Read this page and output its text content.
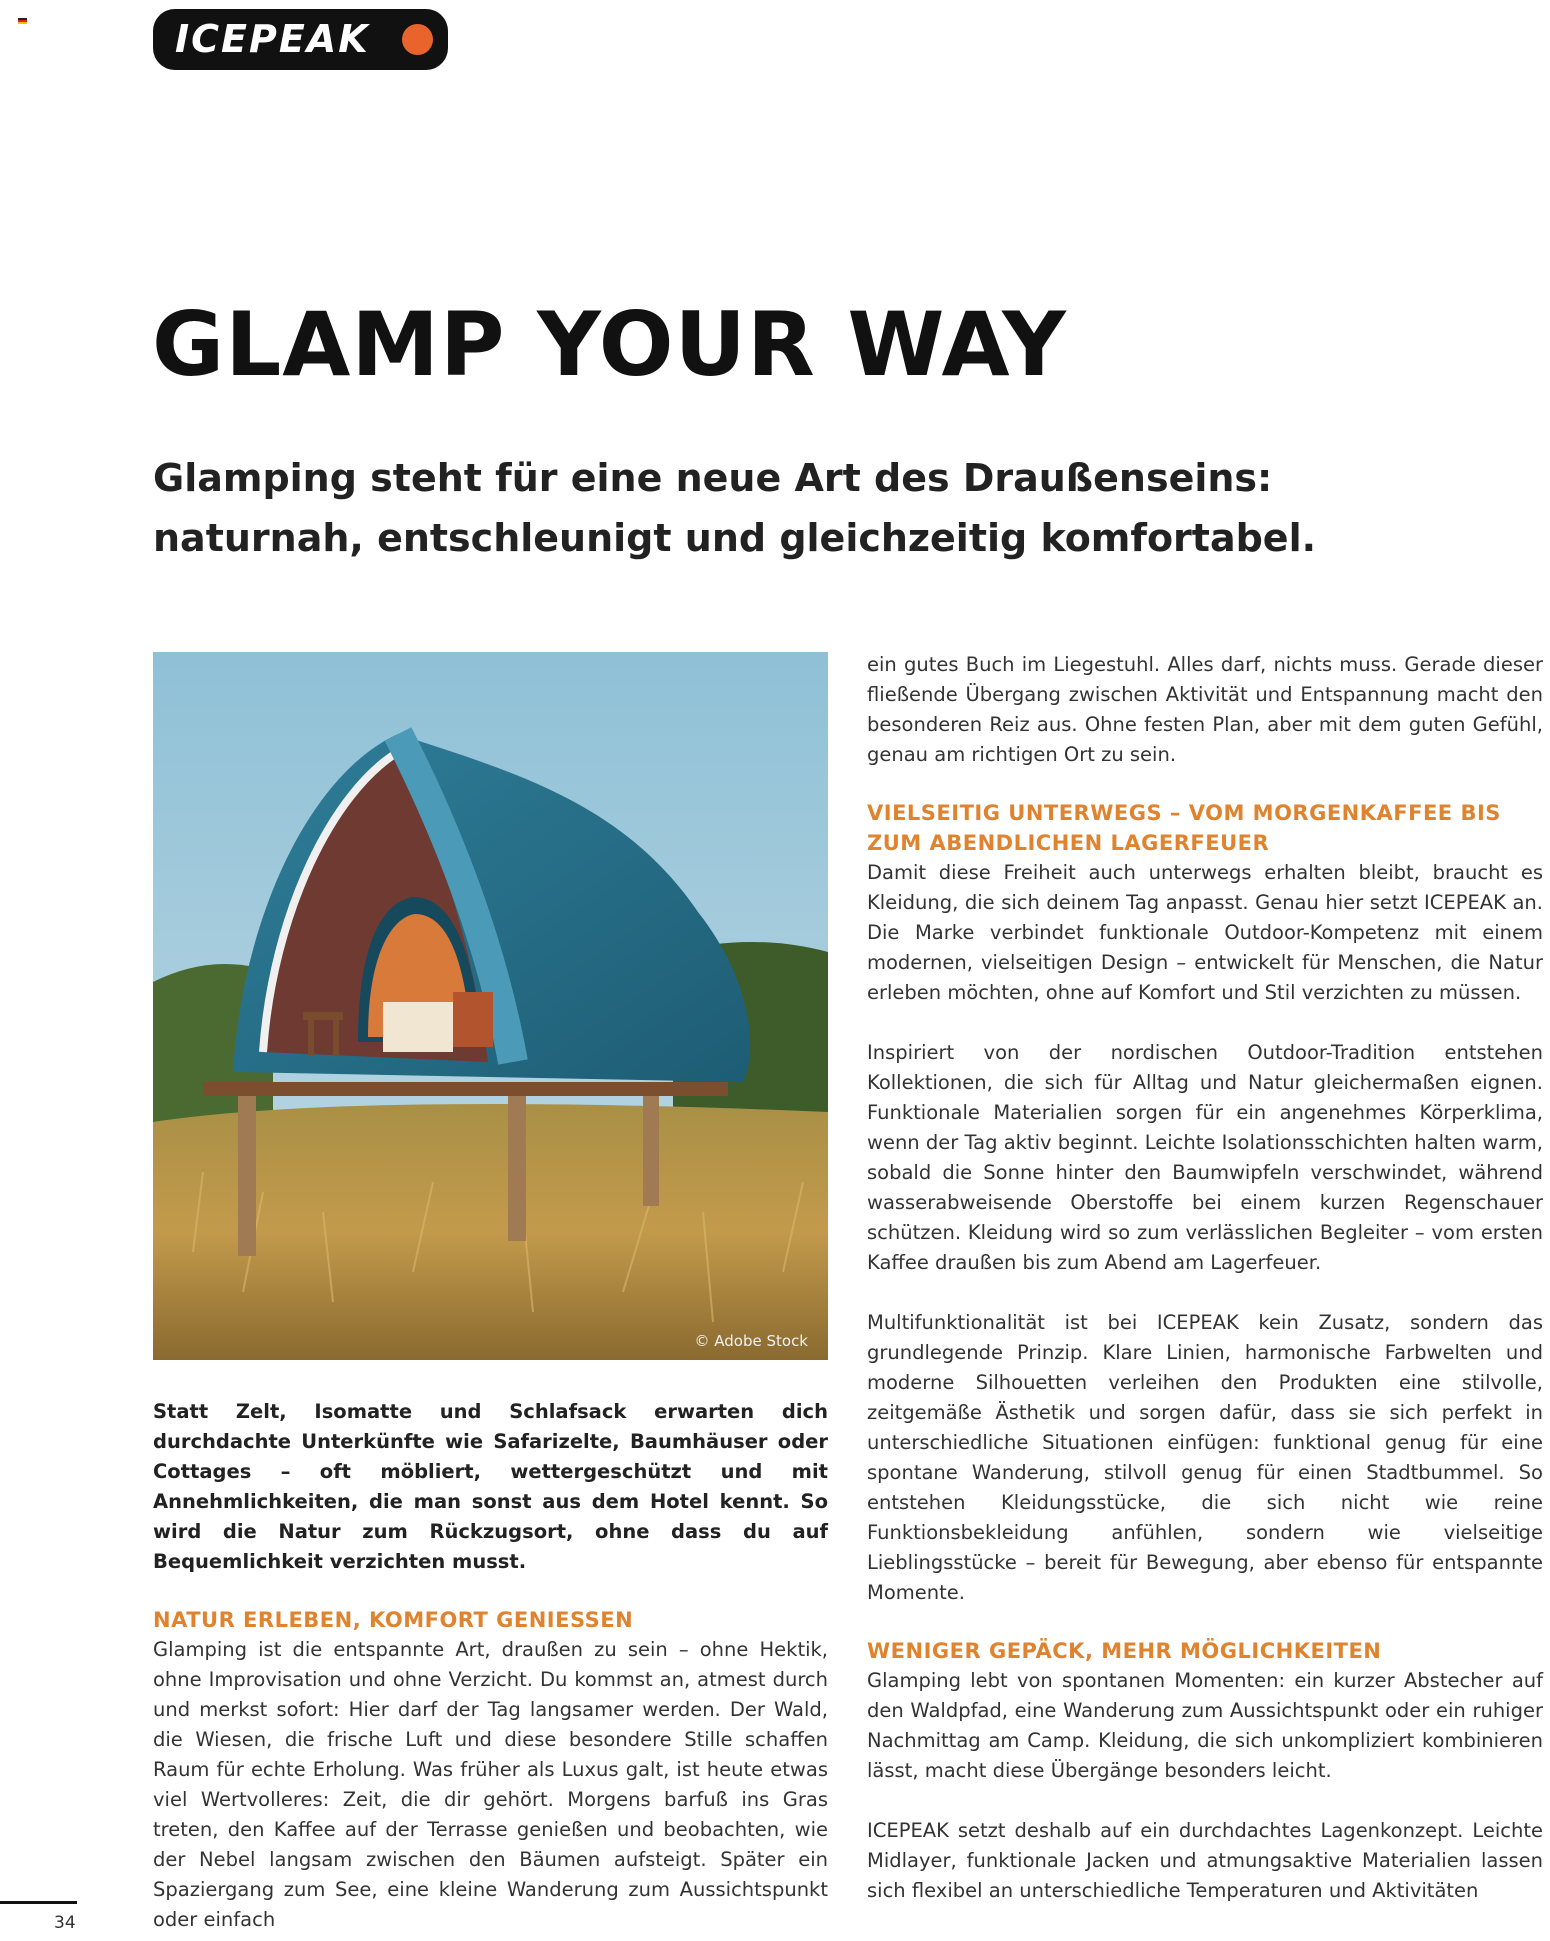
ICEPEAK
GLAMP YOUR WAY
Glamping steht für eine neue Art des Draußenseins:
naturnah, entschleunigt und gleichzeitig komfortabel.
© Adobe Stock

Statt Zelt, Isomatte und Schlafsack erwarten dich durchdachte Unterkünfte wie Safarizelte, Baumhäuser oder Cottages – oft möbliert, wettergeschützt und mit Annehmlichkeiten, die man sonst aus dem Hotel kennt. So wird die Natur zum Rückzugsort, ohne dass du auf Bequemlichkeit verzichten musst.

NATUR ERLEBEN, KOMFORT GENIESSEN

Glamping ist die entspannte Art, draußen zu sein – ohne Hektik, ohne Improvisation und ohne Verzicht. Du kommst an, atmest durch und merkst sofort: Hier darf der Tag langsamer werden. Der Wald, die Wiesen, die frische Luft und diese besondere Stille schaffen Raum für echte Erholung. Was früher als Luxus galt, ist heute etwas viel Wertvolleres: Zeit, die dir gehört. Morgens barfuß ins Gras treten, den Kaffee auf der Terrasse genießen und beobachten, wie der Nebel langsam zwischen den Bäumen aufsteigt. Später ein Spaziergang zum See, eine kleine Wanderung zum Aussichtspunkt oder einfach

ein gutes Buch im Liegestuhl. Alles darf, nichts muss. Gerade dieser fließende Übergang zwischen Aktivität und Entspannung macht den besonderen Reiz aus. Ohne festen Plan, aber mit dem guten Gefühl, genau am richtigen Ort zu sein.

VIELSEITIG UNTERWEGS – VOM MORGENKAFFEE BIS ZUM ABENDLICHEN LAGERFEUER

Damit diese Freiheit auch unterwegs erhalten bleibt, braucht es Kleidung, die sich deinem Tag anpasst. Genau hier setzt ICEPEAK an. Die Marke verbindet funktionale Outdoor-Kompetenz mit einem modernen, vielseitigen Design – entwickelt für Menschen, die Natur erleben möchten, ohne auf Komfort und Stil verzichten zu müssen.

Inspiriert von der nordischen Outdoor-Tradition entstehen Kollektionen, die sich für Alltag und Natur gleichermaßen eignen. Funktionale Materialien sorgen für ein angenehmes Körperklima, wenn der Tag aktiv beginnt. Leichte Isolationsschichten halten warm, sobald die Sonne hinter den Baumwipfeln verschwindet, während wasserabweisende Oberstoffe bei einem kurzen Regenschauer schützen. Kleidung wird so zum verlässlichen Begleiter – vom ersten Kaffee draußen bis zum Abend am Lagerfeuer.

Multifunktionalität ist bei ICEPEAK kein Zusatz, sondern das grundlegende Prinzip. Klare Linien, harmonische Farbwelten und moderne Silhouetten verleihen den Produkten eine stilvolle, zeitgemäße Ästhetik und sorgen dafür, dass sie sich perfekt in unterschiedliche Situationen einfügen: funktional genug für eine spontane Wanderung, stilvoll genug für einen Stadtbummel. So entstehen Kleidungsstücke, die sich nicht wie reine Funktionsbekleidung anfühlen, sondern wie vielseitige Lieblingsstücke – bereit für Bewegung, aber ebenso für entspannte Momente.

WENIGER GEPÄCK, MEHR MÖGLICHKEITEN

Glamping lebt von spontanen Momenten: ein kurzer Abstecher auf den Waldpfad, eine Wanderung zum Aussichtspunkt oder ein ruhiger Nachmittag am Camp. Kleidung, die sich unkompliziert kombinieren lässt, macht diese Übergänge besonders leicht.

ICEPEAK setzt deshalb auf ein durchdachtes Lagenkonzept. Leichte Midlayer, funktionale Jacken und atmungsaktive Materialien lassen sich flexibel an unterschiedliche Temperaturen und Aktivitäten

34
